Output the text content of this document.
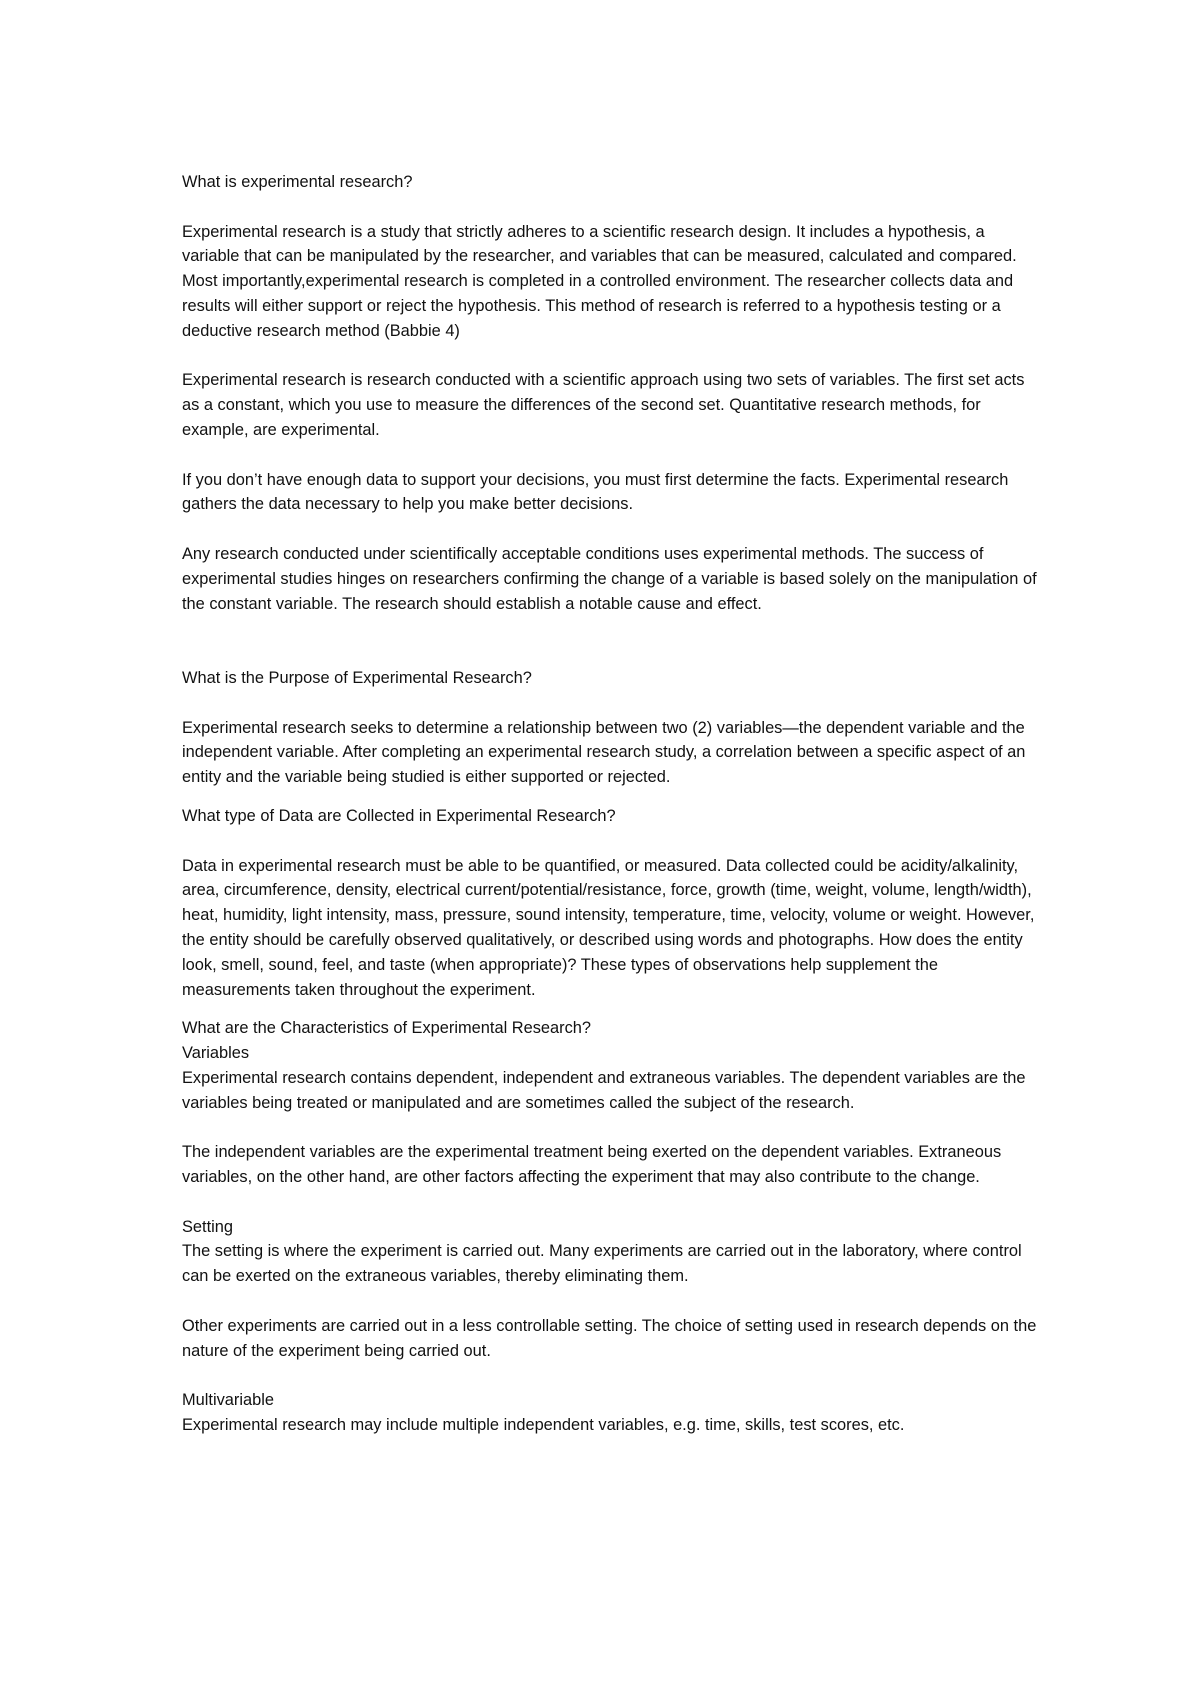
What is experimental research?

Experimental research is a study that strictly adheres to a scientific research design. It includes a hypothesis, a variable that can be manipulated by the researcher, and variables that can be measured, calculated and compared. Most importantly,experimental research is completed in a controlled environment. The researcher collects data and results will either support or reject the hypothesis. This method of research is referred to a hypothesis testing or a deductive research method (Babbie 4)

Experimental research is research conducted with a scientific approach using two sets of variables. The first set acts as a constant, which you use to measure the differences of the second set. Quantitative research methods, for example, are experimental.

If you don’t have enough data to support your decisions, you must first determine the facts. Experimental research gathers the data necessary to help you make better decisions.

Any research conducted under scientifically acceptable conditions uses experimental methods. The success of experimental studies hinges on researchers confirming the change of a variable is based solely on the manipulation of the constant variable. The research should establish a notable cause and effect.

What is the Purpose of Experimental Research?

Experimental research seeks to determine a relationship between two (2) variables—the dependent variable and the independent variable. After completing an experimental research study, a correlation between a specific aspect of an entity and the variable being studied is either supported or rejected.

What type of Data are Collected in Experimental Research?

Data in experimental research must be able to be quantified, or measured. Data collected could be acidity/alkalinity, area, circumference, density, electrical current/potential/resistance, force, growth (time, weight, volume, length/width), heat, humidity, light intensity, mass, pressure, sound intensity, temperature, time, velocity, volume or weight. However, the entity should be carefully observed qualitatively, or described using words and photographs. How does the entity look, smell, sound, feel, and taste (when appropriate)? These types of observations help supplement the measurements taken throughout the experiment.

What are the Characteristics of Experimental Research?

Variables

Experimental research contains dependent, independent and extraneous variables. The dependent variables are the variables being treated or manipulated and are sometimes called the subject of the research.

The independent variables are the experimental treatment being exerted on the dependent variables. Extraneous variables, on the other hand, are other factors affecting the experiment that may also contribute to the change.

Setting

The setting is where the experiment is carried out. Many experiments are carried out in the laboratory, where control can be exerted on the extraneous variables, thereby eliminating them.

Other experiments are carried out in a less controllable setting. The choice of setting used in research depends on the nature of the experiment being carried out.

Multivariable

Experimental research may include multiple independent variables, e.g. time, skills, test scores, etc.
